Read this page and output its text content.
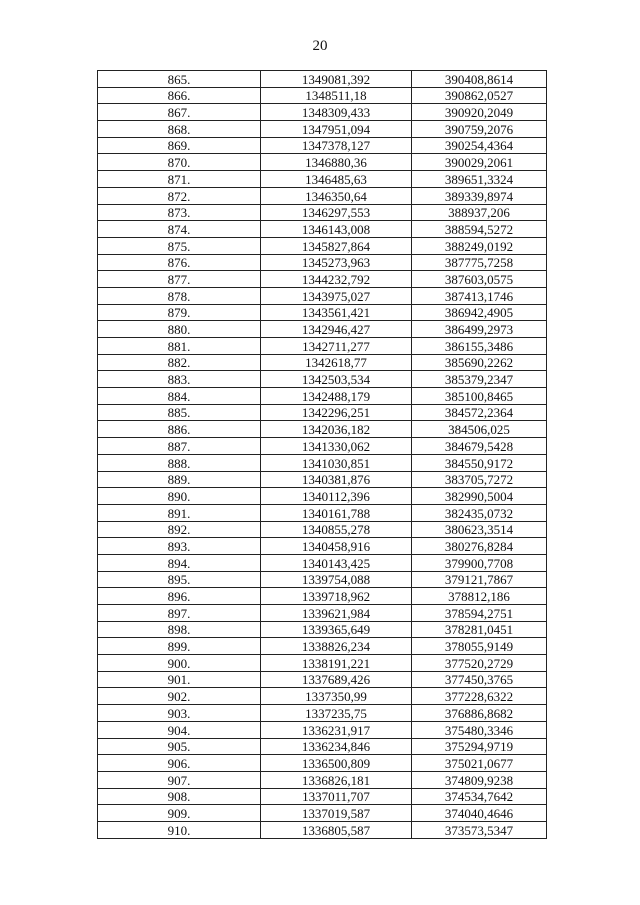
20
865.	1349081,392	390408,8614
866.	1348511,18	390862,0527
867.	1348309,433	390920,2049
868.	1347951,094	390759,2076
869.	1347378,127	390254,4364
870.	1346880,36	390029,2061
871.	1346485,63	389651,3324
872.	1346350,64	389339,8974
873.	1346297,553	388937,206
874.	1346143,008	388594,5272
875.	1345827,864	388249,0192
876.	1345273,963	387775,7258
877.	1344232,792	387603,0575
878.	1343975,027	387413,1746
879.	1343561,421	386942,4905
880.	1342946,427	386499,2973
881.	1342711,277	386155,3486
882.	1342618,77	385690,2262
883.	1342503,534	385379,2347
884.	1342488,179	385100,8465
885.	1342296,251	384572,2364
886.	1342036,182	384506,025
887.	1341330,062	384679,5428
888.	1341030,851	384550,9172
889.	1340381,876	383705,7272
890.	1340112,396	382990,5004
891.	1340161,788	382435,0732
892.	1340855,278	380623,3514
893.	1340458,916	380276,8284
894.	1340143,425	379900,7708
895.	1339754,088	379121,7867
896.	1339718,962	378812,186
897.	1339621,984	378594,2751
898.	1339365,649	378281,0451
899.	1338826,234	378055,9149
900.	1338191,221	377520,2729
901.	1337689,426	377450,3765
902.	1337350,99	377228,6322
903.	1337235,75	376886,8682
904.	1336231,917	375480,3346
905.	1336234,846	375294,9719
906.	1336500,809	375021,0677
907.	1336826,181	374809,9238
908.	1337011,707	374534,7642
909.	1337019,587	374040,4646
910.	1336805,587	373573,5347
